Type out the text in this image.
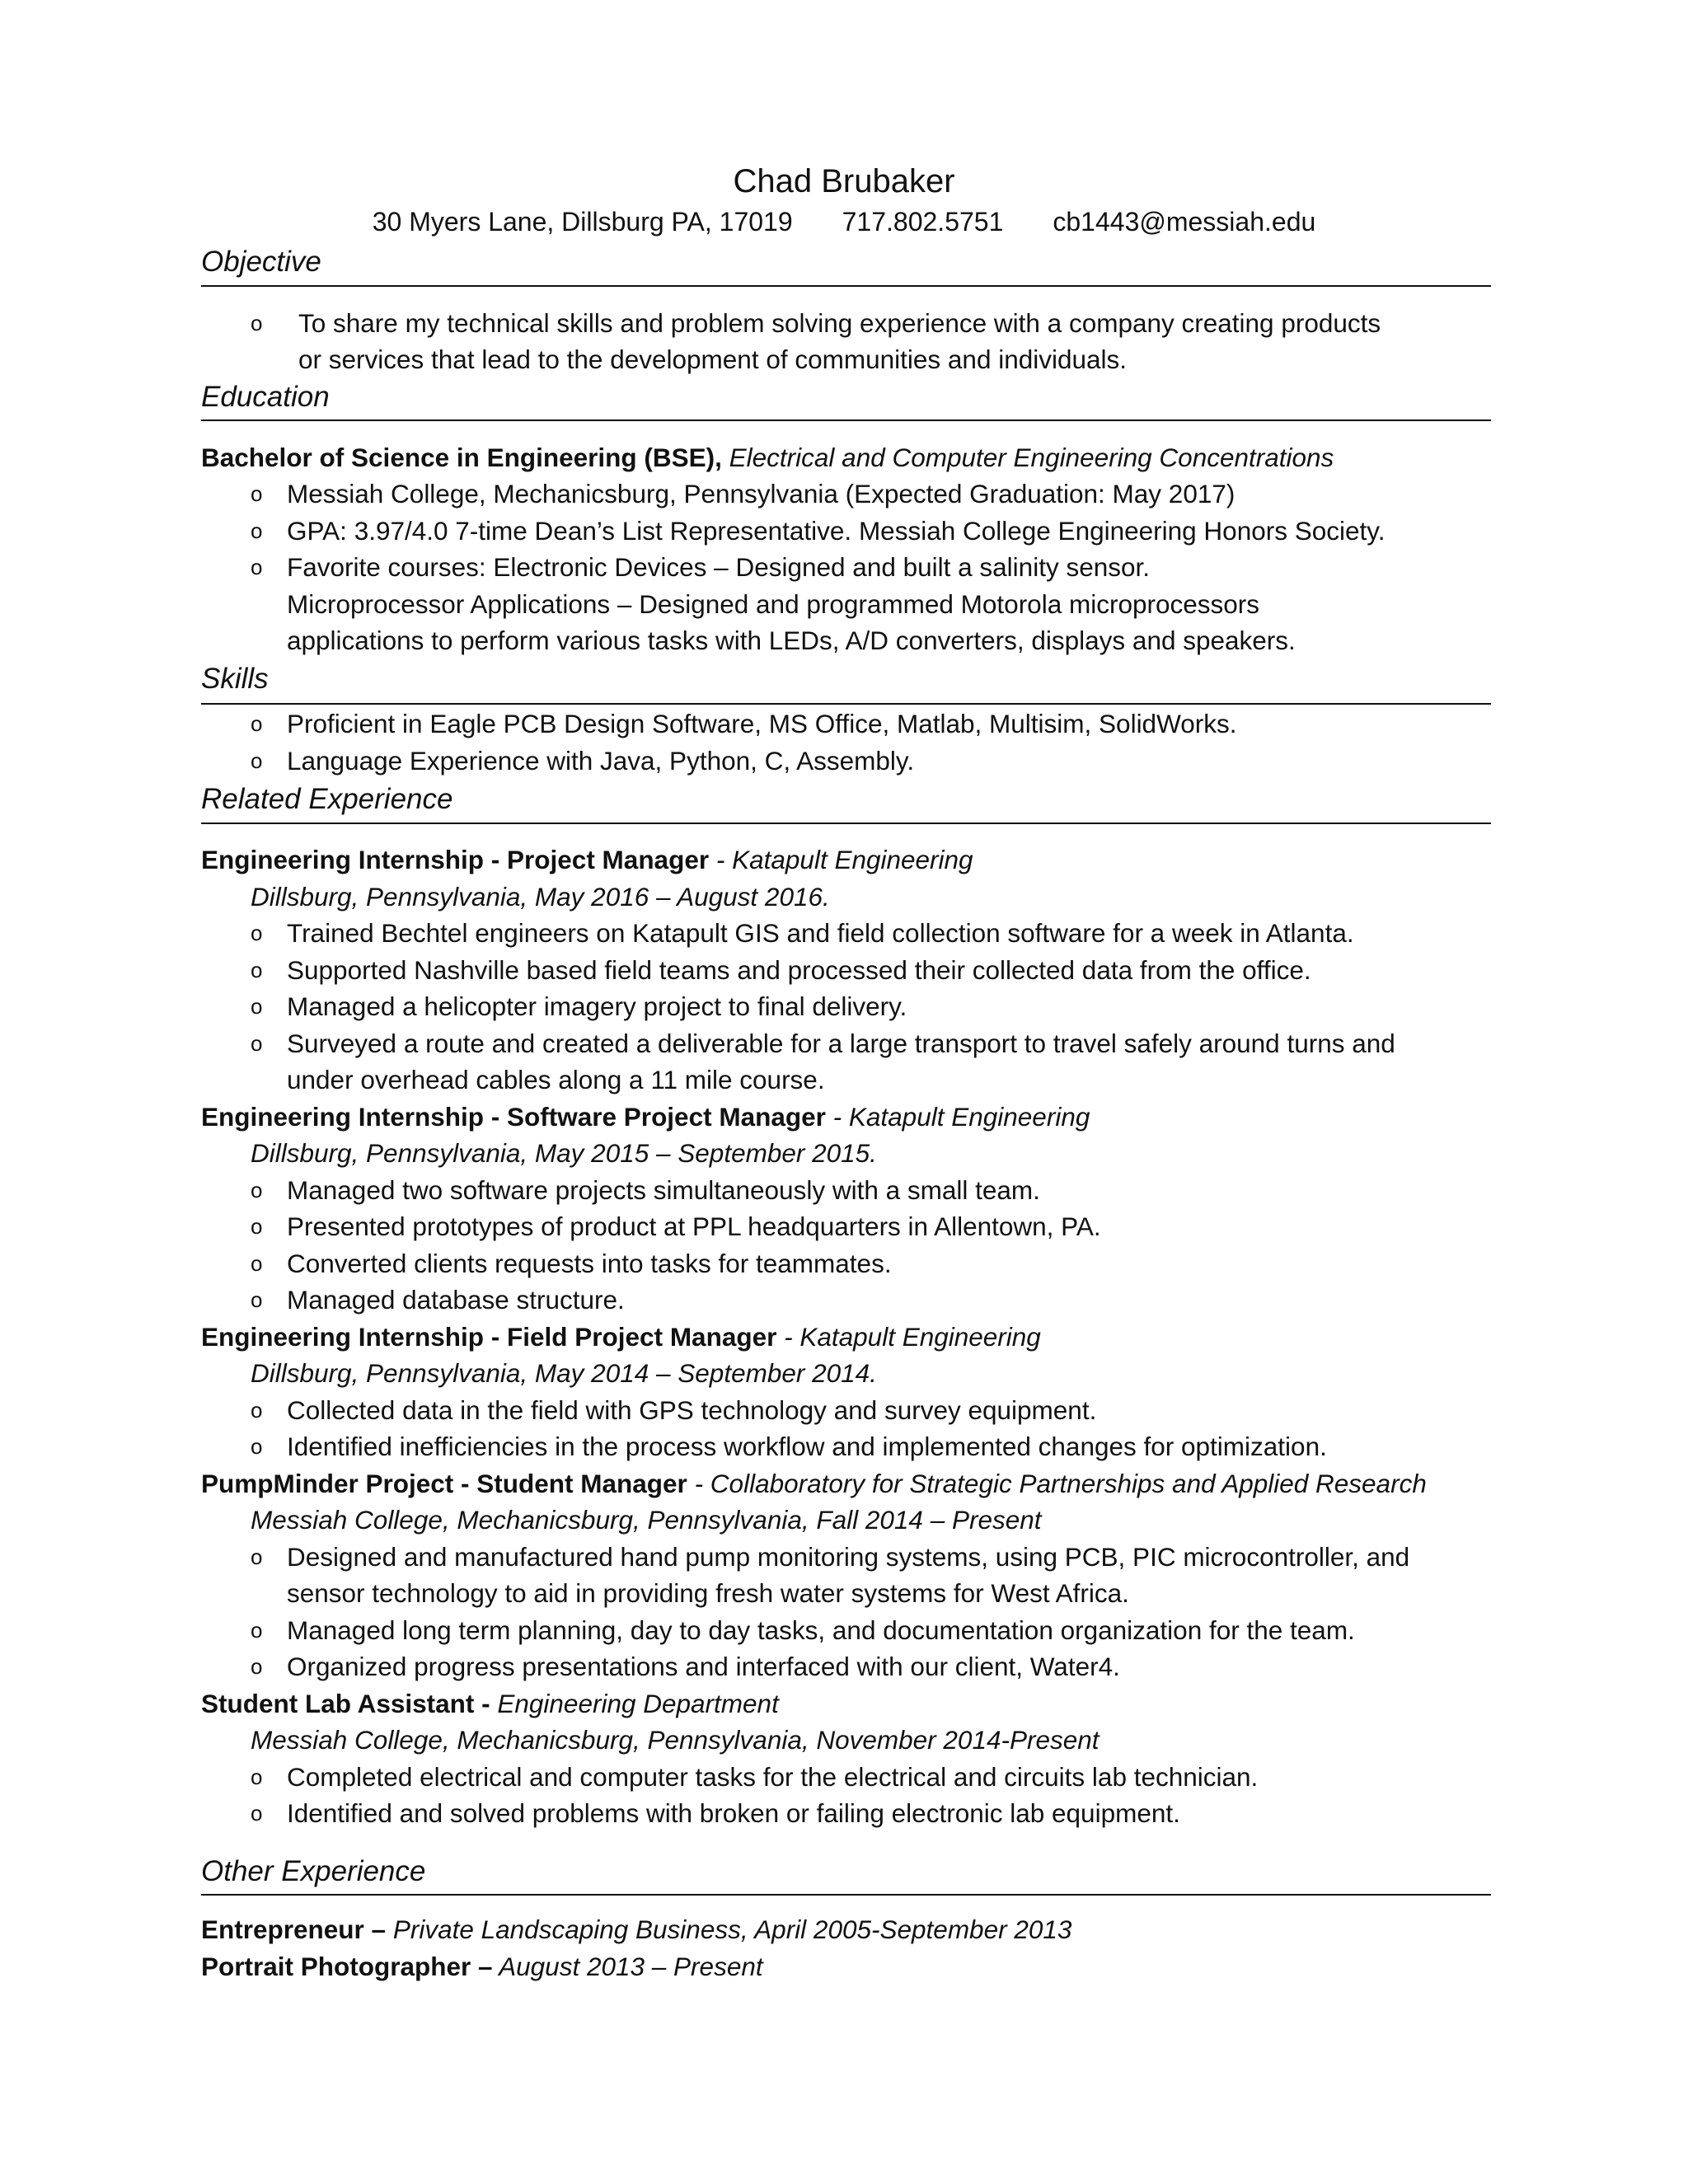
Chad Brubaker
30 Myers Lane, Dillsburg PA, 17019 717.802.5751 cb1443@messiah.edu
Objective
o To share my technical skills and problem solving experience with a company creating products
or services that lead to the development of communities and individuals.
Education
Bachelor of Science in Engineering (BSE), Electrical and Computer Engineering Concentrations
o Messiah College, Mechanicsburg, Pennsylvania (Expected Graduation: May 2017)
o GPA: 3.97/4.0 7-time Dean’s List Representative. Messiah College Engineering Honors Society.
o Favorite courses: Electronic Devices – Designed and built a salinity sensor.
Microprocessor Applications – Designed and programmed Motorola microprocessors
applications to perform various tasks with LEDs, A/D converters, displays and speakers.
Skills
o Proficient in Eagle PCB Design Software, MS Office, Matlab, Multisim, SolidWorks.
o Language Experience with Java, Python, C, Assembly.
Related Experience
Engineering Internship - Project Manager - Katapult Engineering
Dillsburg, Pennsylvania, May 2016 – August 2016.
o Trained Bechtel engineers on Katapult GIS and field collection software for a week in Atlanta.
o Supported Nashville based field teams and processed their collected data from the office.
o Managed a helicopter imagery project to final delivery.
o Surveyed a route and created a deliverable for a large transport to travel safely around turns and
under overhead cables along a 11 mile course.
Engineering Internship - Software Project Manager - Katapult Engineering
Dillsburg, Pennsylvania, May 2015 – September 2015.
o Managed two software projects simultaneously with a small team.
o Presented prototypes of product at PPL headquarters in Allentown, PA.
o Converted clients requests into tasks for teammates.
o Managed database structure.
Engineering Internship - Field Project Manager - Katapult Engineering
Dillsburg, Pennsylvania, May 2014 – September 2014.
o Collected data in the field with GPS technology and survey equipment.
o Identified inefficiencies in the process workflow and implemented changes for optimization.
PumpMinder Project - Student Manager - Collaboratory for Strategic Partnerships and Applied Research
Messiah College, Mechanicsburg, Pennsylvania, Fall 2014 – Present
o Designed and manufactured hand pump monitoring systems, using PCB, PIC microcontroller, and
sensor technology to aid in providing fresh water systems for West Africa.
o Managed long term planning, day to day tasks, and documentation organization for the team.
o Organized progress presentations and interfaced with our client, Water4.
Student Lab Assistant - Engineering Department
Messiah College, Mechanicsburg, Pennsylvania, November 2014-Present
o Completed electrical and computer tasks for the electrical and circuits lab technician.
o Identified and solved problems with broken or failing electronic lab equipment.
Other Experience
Entrepreneur – Private Landscaping Business, April 2005-September 2013
Portrait Photographer – August 2013 – Present
